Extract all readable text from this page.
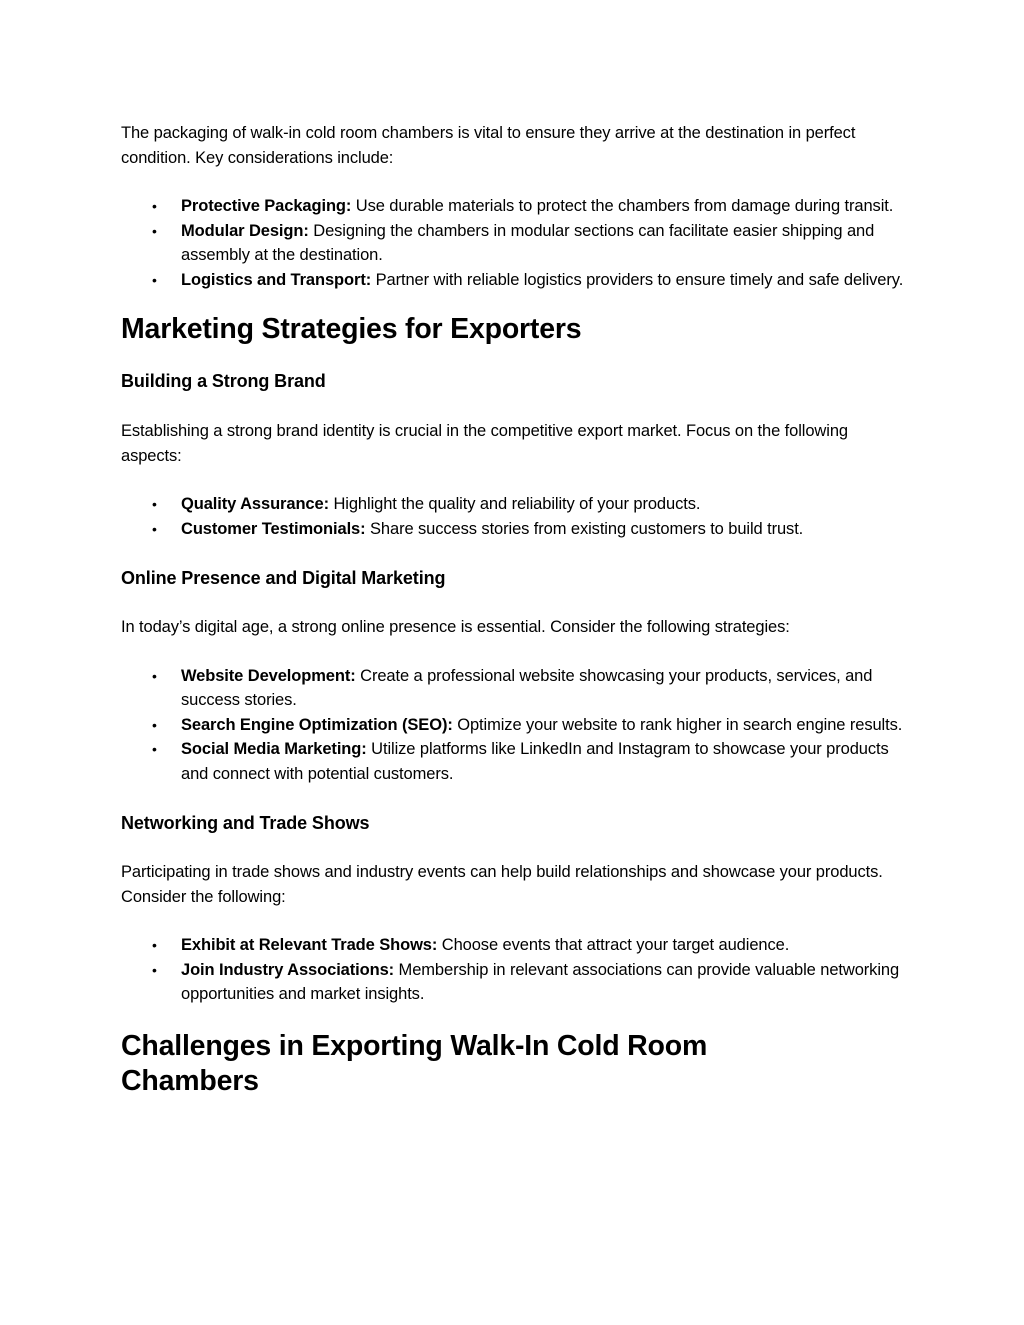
The packaging of walk-in cold room chambers is vital to ensure they arrive at the destination in perfect condition. Key considerations include:

• Protective Packaging: Use durable materials to protect the chambers from damage during transit.
• Modular Design: Designing the chambers in modular sections can facilitate easier shipping and assembly at the destination.
• Logistics and Transport: Partner with reliable logistics providers to ensure timely and safe delivery.
Marketing Strategies for Exporters
Building a Strong Brand

Establishing a strong brand identity is crucial in the competitive export market. Focus on the following aspects:

• Quality Assurance: Highlight the quality and reliability of your products.
• Customer Testimonials: Share success stories from existing customers to build trust.
Online Presence and Digital Marketing

In today’s digital age, a strong online presence is essential. Consider the following strategies:

• Website Development: Create a professional website showcasing your products, services, and success stories.
• Search Engine Optimization (SEO): Optimize your website to rank higher in search engine results.
• Social Media Marketing: Utilize platforms like LinkedIn and Instagram to showcase your products and connect with potential customers.
Networking and Trade Shows

Participating in trade shows and industry events can help build relationships and showcase your products. Consider the following:

• Exhibit at Relevant Trade Shows: Choose events that attract your target audience.
• Join Industry Associations: Membership in relevant associations can provide valuable networking opportunities and market insights.
Challenges in Exporting Walk-In Cold Room Chambers
